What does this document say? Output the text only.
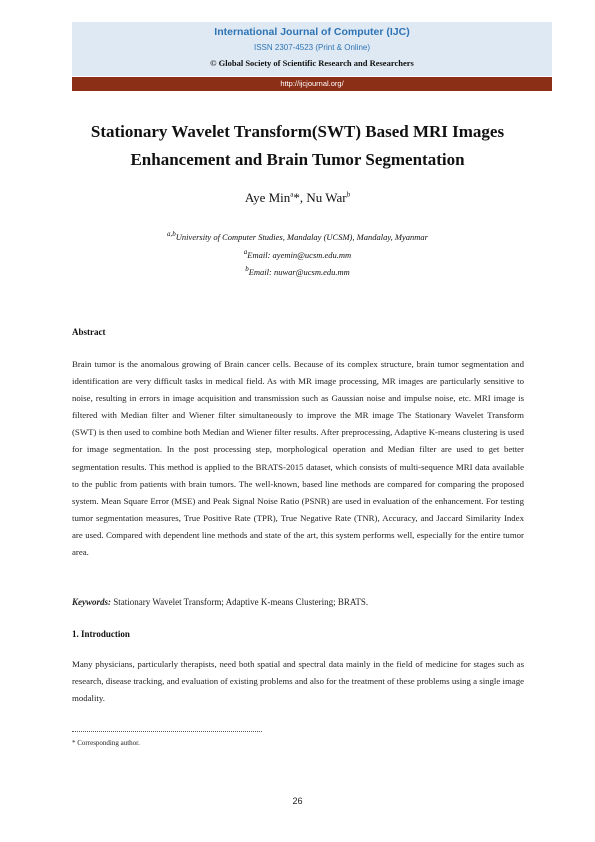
International Journal of Computer (IJC)
ISSN 2307-4523 (Print & Online)
© Global Society of Scientific Research and Researchers
http://ijcjournal.org/
Stationary Wavelet Transform(SWT) Based MRI Images
Enhancement and Brain Tumor Segmentation
Aye Min$^a$*, Nu War$^b$
$^{a,b}$University of Computer Studies, Mandalay (UCSM), Mandalay, Myanmar
$^a$Email: ayemin@ucsm.edu.mm
$^b$Email: nuwar@ucsm.edu.mm
Abstract
Brain tumor is the anomalous growing of Brain cancer cells. Because of its complex structure, brain tumor segmentation and identification are very difficult tasks in medical field. As with MR image processing, MR images are particularly sensitive to noise, resulting in errors in image acquisition and transmission such as Gaussian noise and impulse noise, etc. MRI image is filtered with Median filter and Wiener filter simultaneously to improve the MR image The Stationary Wavelet Transform (SWT) is then used to combine both Median and Wiener filter results. After preprocessing, Adaptive K-means clustering is used for image segmentation. In the post processing step, morphological operation and Median filter are used to get better segmentation results. This method is applied to the BRATS-2015 dataset, which consists of multi-sequence MRI data available to the public from patients with brain tumors. The well-known, based line methods are compared for comparing the proposed system. Mean Square Error (MSE) and Peak Signal Noise Ratio (PSNR) are used in evaluation of the enhancement. For testing tumor segmentation measures, True Positive Rate (TPR), True Negative Rate (TNR), Accuracy, and Jaccard Similarity Index are used. Compared with dependent line methods and state of the art, this system performs well, especially for the entire tumor area.
Keywords: Stationary Wavelet Transform; Adaptive K-means Clustering; BRATS.
1. Introduction
Many physicians, particularly therapists, need both spatial and spectral data mainly in the field of medicine for stages such as research, disease tracking, and evaluation of existing problems and also for the treatment of these problems using a single image modality.
* Corresponding author.
26
